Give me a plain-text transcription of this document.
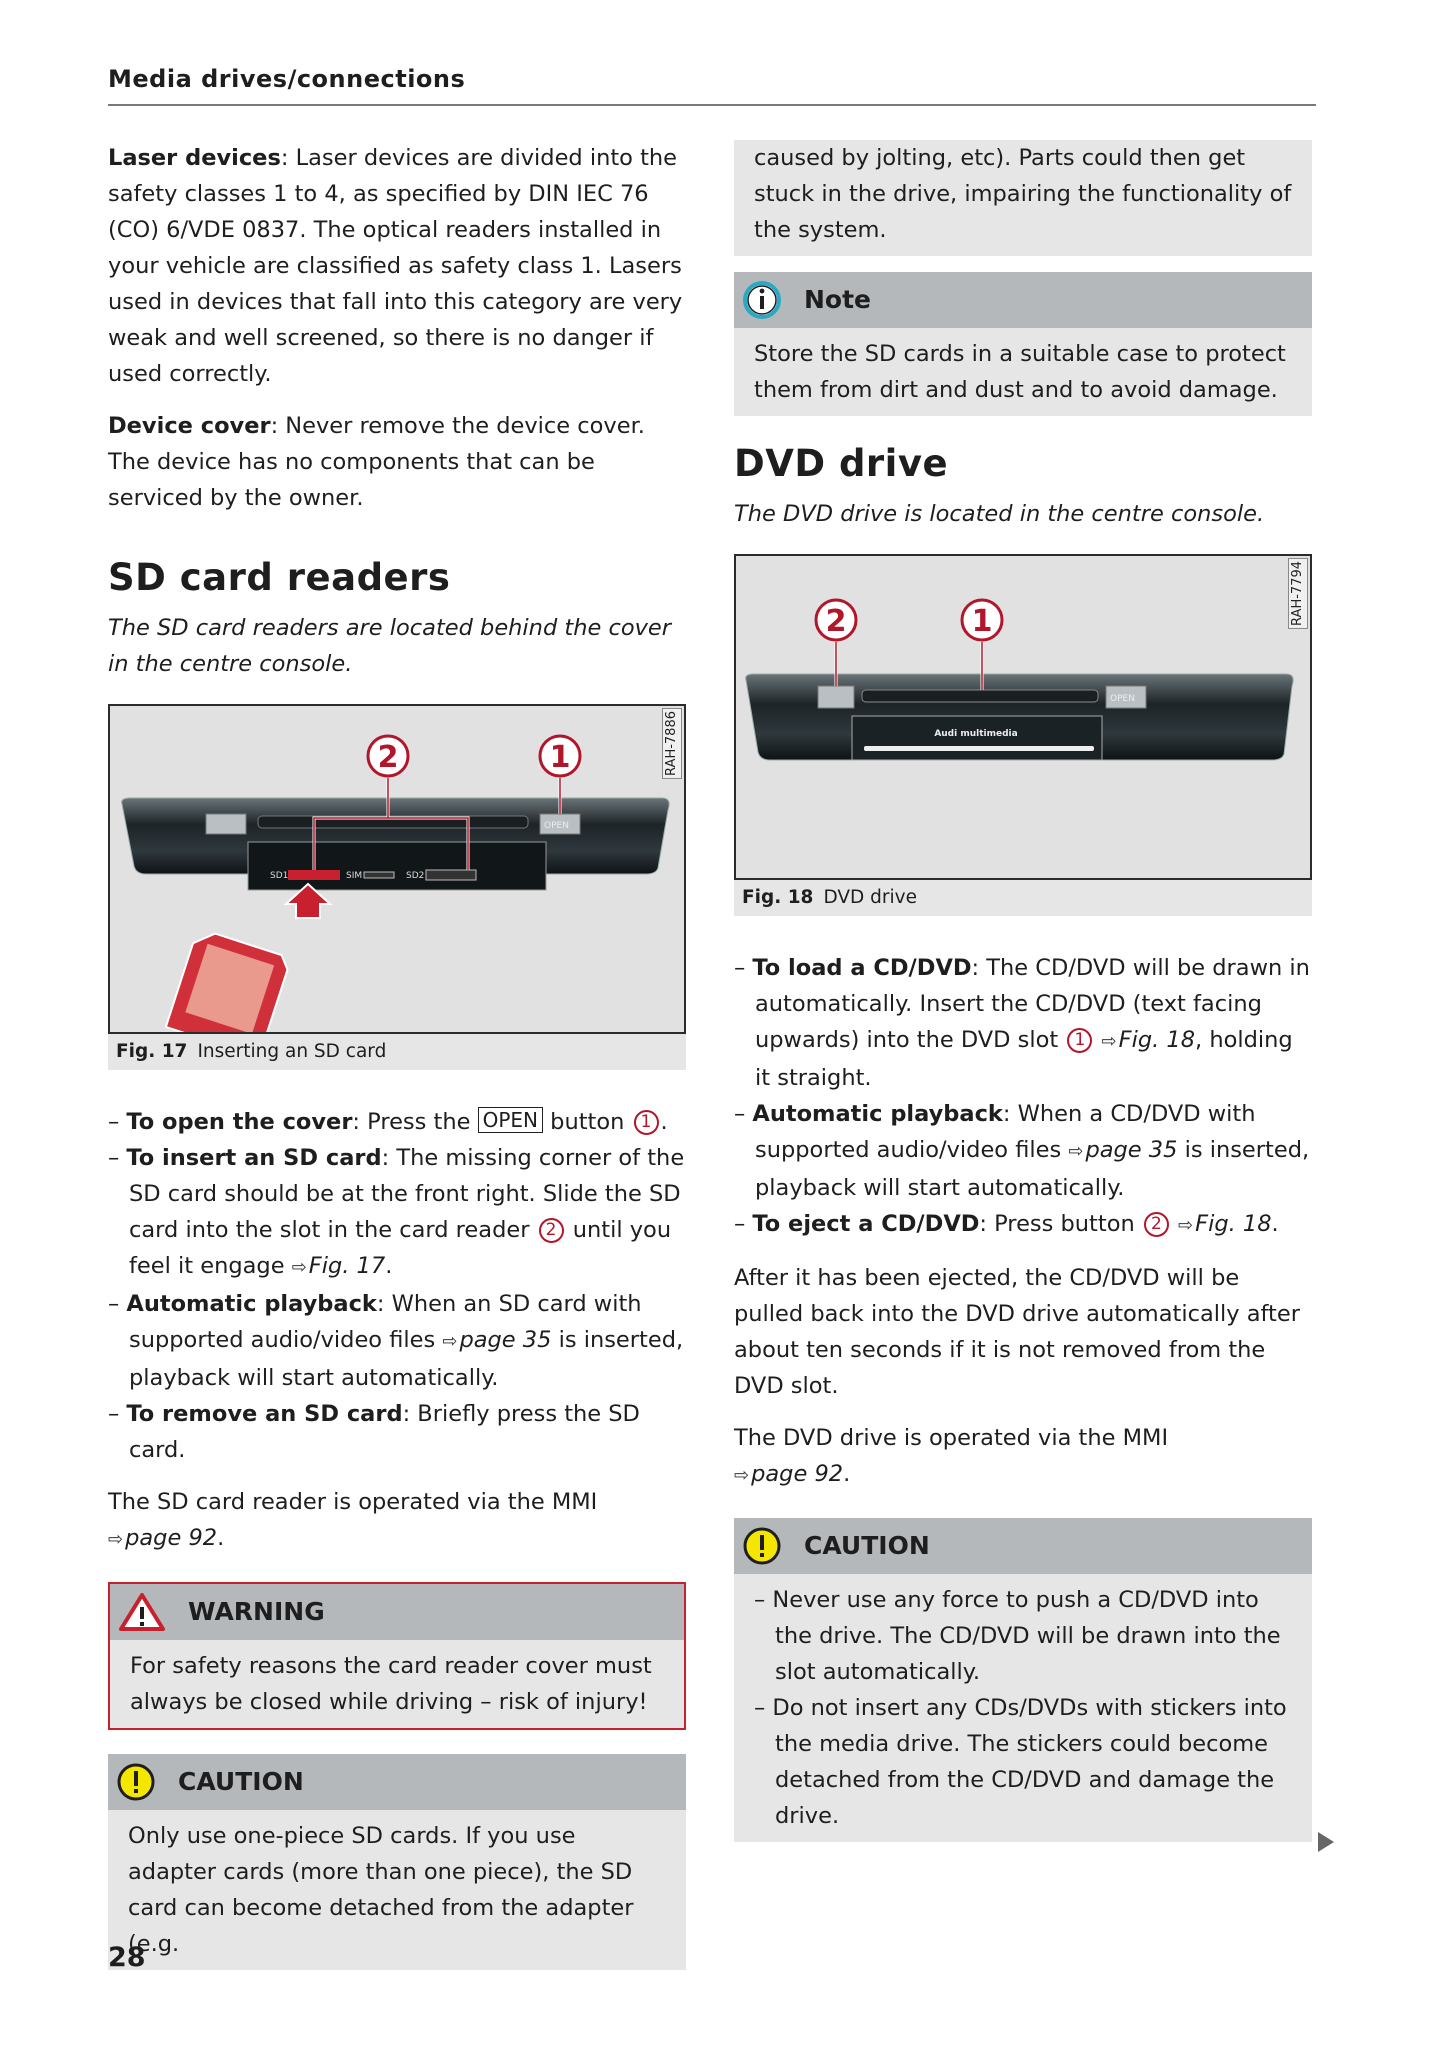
Media drives/connections

Laser devices: Laser devices are divided into the safety classes 1 to 4, as specified by DIN IEC 76 (CO) 6/VDE 0837. The optical readers installed in your vehicle are classified as safety class 1. Lasers used in devices that fall into this category are very weak and well screened, so there is no danger if used correctly.

Device cover: Never remove the device cover. The device has no components that can be serviced by the owner.

SD card readers

The SD card readers are located behind the cover in the centre console.

RAH-7886
OPEN
SD1	SIM	SD2
2	1
Fig. 17 Inserting an SD card
– To open the cover: Press the OPEN button 1 .
– To insert an SD card: The missing corner of the SD card should be at the front right. Slide the SD card into the slot in the card reader 2 until you feel it engage ⇨Fig. 17.
– Automatic playback: When an SD card with supported audio/video files ⇨page 35 is inserted, playback will start automatically.
– To remove an SD card: Briefly press the SD card.

The SD card reader is operated via the MMI
⇨page 92.

WARNING
For safety reasons the card reader cover must always be closed while driving – risk of injury!
CAUTION
Only use one-piece SD cards. If you use adapter cards (more than one piece), the SD card can become detached from the adapter (e.g.
caused by jolting, etc). Parts could then get stuck in the drive, impairing the functionality of the system.
Note
Store the SD cards in a suitable case to protect them from dirt and dust and to avoid damage.
DVD drive

The DVD drive is located in the centre console.

RAH-7794
OPEN
Audi multimedia
2	1
Fig. 18 DVD drive
– To load a CD/DVD: The CD/DVD will be drawn in automatically. Insert the CD/DVD (text facing upwards) into the DVD slot 1 ⇨Fig. 18, holding it straight.
– Automatic playback: When a CD/DVD with supported audio/video files ⇨page 35 is inserted, playback will start automatically.
– To eject a CD/DVD: Press button 2 ⇨Fig. 18.

After it has been ejected, the CD/DVD will be pulled back into the DVD drive automatically after about ten seconds if it is not removed from the DVD slot.

The DVD drive is operated via the MMI
⇨page 92.

CAUTION
– Never use any force to push a CD/DVD into the drive. The CD/DVD will be drawn into the slot automatically.
– Do not insert any CDs/DVDs with stickers into the media drive. The stickers could become detached from the CD/DVD and damage the drive.
28
